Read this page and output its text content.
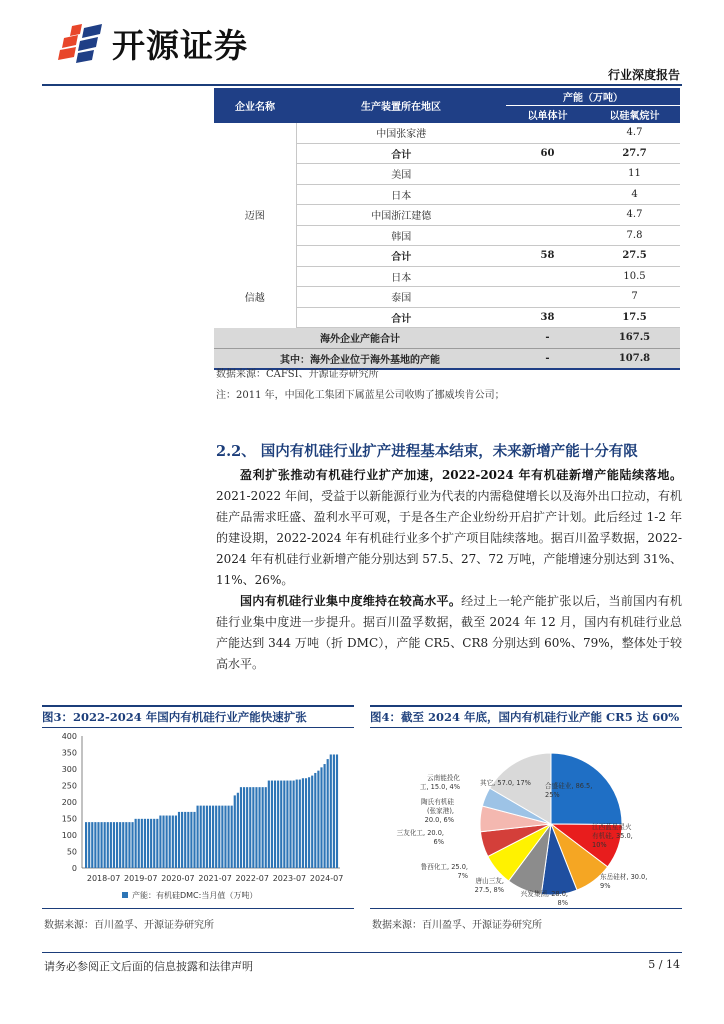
开源证券
行业深度报告
企业名称	生产装置所在地区	产能（万吨）	
		以单体计	以硅氧烷计
	中国张家港		4.7
	合计	60	27.7
	美国		11
	日本		4
迈图	中国浙江建德		4.7
	韩国		7.8
	合计	58	27.5
	日本		10.5
信越	泰国		7
	合计	38	17.5
海外企业产能合计		-	167.5
其中：海外企业位于海外基地的产能		-	107.8
数据来源：CAFSI、开源证券研究所
注：2011 年，中国化工集团下属蓝星公司收购了挪威埃肯公司；
2.2、 国内有机硅行业扩产进程基本结束，未来新增产能十分有限
盈利扩张推动有机硅行业扩产加速，2022-2024 年有机硅新增产能陆续落地。2021-2022 年间，受益于以新能源行业为代表的内需稳健增长以及海外出口拉动，有机硅产品需求旺盛、盈利水平可观，于是各生产企业纷纷开启扩产计划。此后经过 1-2 年的建设期，2022-2024 年有机硅行业多个扩产项目陆续落地。据百川盈孚数据，2022-2024 年有机硅行业新增产能分别达到 57.5、27、72 万吨，产能增速分别达到 31%、11%、26%。
国内有机硅行业集中度维持在较高水平。经过上一轮产能扩张以后，当前国内有机硅行业集中度进一步提升。据百川盈孚数据，截至 2024 年 12 月，国内有机硅行业总产能达到 344 万吨（折 DMC），产能 CR5、CR8 分别达到 60%、79%，整体处于较高水平。
图3：2022-2024 年国内有机硅行业产能快速扩张
0
50
100
150
200
250
300
350
400
2018-07 2019-07 2020-07 2021-07 2022-07 2023-07 2024-07
产能：有机硅DMC:当月值（万吨）
数据来源：百川盈孚、开源证券研究所
图4：截至 2024 年底，国内有机硅行业产能 CR5 达 60%
合盛硅业, 86.5,
25%
江西蓝星星火
有机硅, 35.0,
10%
东岳硅材, 30.0,
9%
兴发集团, 28.0,
8%
唐山三友,
27.5, 8%
鲁西化工, 25.0,
7%
三友化工, 20.0,
6%
陶氏有机硅
(张家港),
20.0, 6%
云南能投化
工, 15.0, 4%	其它, 57.0, 17%
数据来源：百川盈孚、开源证券研究所
请务必参阅正文后面的信息披露和法律声明	5 / 14
